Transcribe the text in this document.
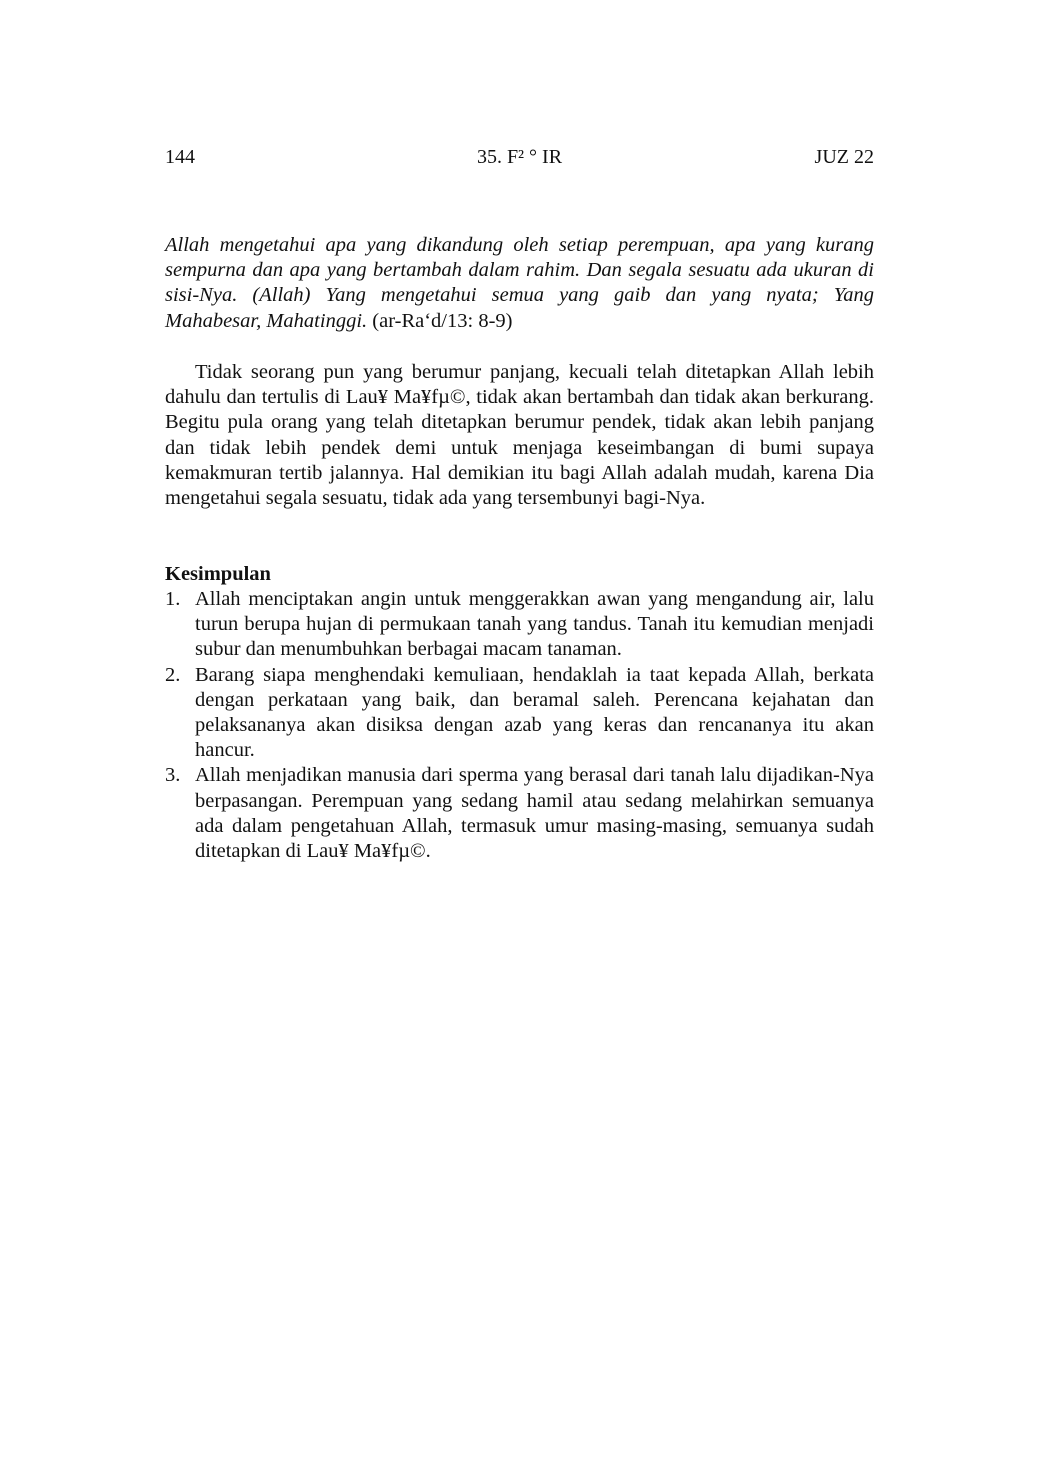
144	35. F² ° IR	JUZ 22
Allah mengetahui apa yang dikandung oleh setiap perempuan, apa yang kurang sempurna dan apa yang bertambah dalam rahim. Dan segala sesuatu ada ukuran di sisi-Nya. (Allah) Yang mengetahui semua yang gaib dan yang nyata; Yang Mahabesar, Mahatinggi. (ar-Ra‘d/13: 8-9)
Tidak seorang pun yang berumur panjang, kecuali telah ditetapkan Allah lebih dahulu dan tertulis di Lau¥ Ma¥fµ©, tidak akan bertambah dan tidak akan berkurang. Begitu pula orang yang telah ditetapkan berumur pendek, tidak akan lebih panjang dan tidak lebih pendek demi untuk menjaga keseimbangan di bumi supaya kemakmuran tertib jalannya. Hal demikian itu bagi Allah adalah mudah, karena Dia mengetahui segala sesuatu, tidak ada yang tersembunyi bagi-Nya.
Kesimpulan
1. Allah menciptakan angin untuk menggerakkan awan yang mengandung air, lalu turun berupa hujan di permukaan tanah yang tandus. Tanah itu kemudian menjadi subur dan menumbuhkan berbagai macam tanaman.
2. Barang siapa menghendaki kemuliaan, hendaklah ia taat kepada Allah, berkata dengan perkataan yang baik, dan beramal saleh. Perencana kejahatan dan pelaksananya akan disiksa dengan azab yang keras dan rencananya itu akan hancur.
3. Allah menjadikan manusia dari sperma yang berasal dari tanah lalu dijadikan-Nya berpasangan. Perempuan yang sedang hamil atau sedang melahirkan semuanya ada dalam pengetahuan Allah, termasuk umur masing-masing, semuanya sudah ditetapkan di Lau¥ Ma¥fµ©.
